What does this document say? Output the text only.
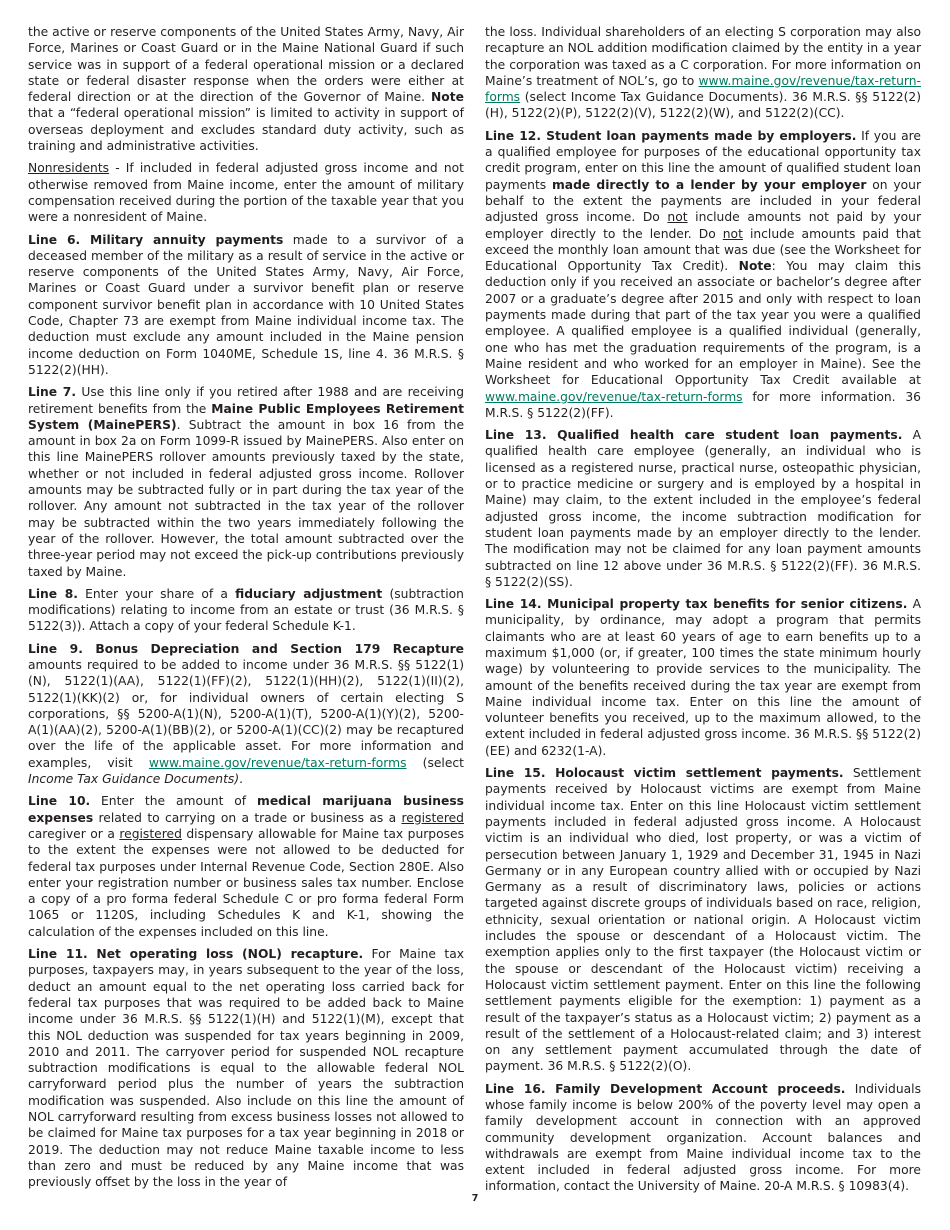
the active or reserve components of the United States Army, Navy, Air Force, Marines or Coast Guard or in the Maine National Guard if such service was in support of a federal operational mission or a declared state or federal disaster response when the orders were either at federal direction or at the direction of the Governor of Maine. Note that a “federal operational mission” is limited to activity in support of overseas deployment and excludes standard duty activity, such as training and administrative activities.

Nonresidents - If included in federal adjusted gross income and not otherwise removed from Maine income, enter the amount of military compensation received during the portion of the taxable year that you were a nonresident of Maine.

Line 6. Military annuity payments made to a survivor of a deceased member of the military as a result of service in the active or reserve components of the United States Army, Navy, Air Force, Marines or Coast Guard under a survivor benefit plan or reserve component survivor benefit plan in accordance with 10 United States Code, Chapter 73 are exempt from Maine individual income tax. The deduction must exclude any amount included in the Maine pension income deduction on Form 1040ME, Schedule 1S, line 4. 36 M.R.S. § 5122(2)(HH).

Line 7. Use this line only if you retired after 1988 and are receiving retirement benefits from the Maine Public Employees Retirement System (MainePERS). Subtract the amount in box 16 from the amount in box 2a on Form 1099-R issued by MainePERS. Also enter on this line MainePERS rollover amounts previously taxed by the state, whether or not included in federal adjusted gross income. Rollover amounts may be subtracted fully or in part during the tax year of the rollover. Any amount not subtracted in the tax year of the rollover may be subtracted within the two years immediately following the year of the rollover. However, the total amount subtracted over the three-year period may not exceed the pick-up contributions previously taxed by Maine.

Line 8. Enter your share of a fiduciary adjustment (subtraction modifications) relating to income from an estate or trust (36 M.R.S. § 5122(3)). Attach a copy of your federal Schedule K-1.

Line 9. Bonus Depreciation and Section 179 Recapture amounts required to be added to income under 36 M.R.S. §§ 5122(1)(N), 5122(1)(AA), 5122(1)(FF)(2), 5122(1)(HH)(2), 5122(1)(II)(2), 5122(1)(KK)(2) or, for individual owners of certain electing S corporations, §§ 5200-A(1)(N), 5200-A(1)(T), 5200-A(1)(Y)(2), 5200-A(1)(AA)(2), 5200-A(1)(BB)(2), or 5200-A(1)(CC)(2) may be recaptured over the life of the applicable asset. For more information and examples, visit www.maine.gov/revenue/tax-return-forms (select Income Tax Guidance Documents).

Line 10. Enter the amount of medical marijuana business expenses related to carrying on a trade or business as a registered caregiver or a registered dispensary allowable for Maine tax purposes to the extent the expenses were not allowed to be deducted for federal tax purposes under Internal Revenue Code, Section 280E. Also enter your registration number or business sales tax number. Enclose a copy of a pro forma federal Schedule C or pro forma federal Form 1065 or 1120S, including Schedules K and K-1, showing the calculation of the expenses included on this line.

Line 11. Net operating loss (NOL) recapture. For Maine tax purposes, taxpayers may, in years subsequent to the year of the loss, deduct an amount equal to the net operating loss carried back for federal tax purposes that was required to be added back to Maine income under 36 M.R.S. §§ 5122(1)(H) and 5122(1)(M), except that this NOL deduction was suspended for tax years beginning in 2009, 2010 and 2011. The carryover period for suspended NOL recapture subtraction modifications is equal to the allowable federal NOL carryforward period plus the number of years the subtraction modification was suspended. Also include on this line the amount of NOL carryforward resulting from excess business losses not allowed to be claimed for Maine tax purposes for a tax year beginning in 2018 or 2019. The deduction may not reduce Maine taxable income to less than zero and must be reduced by any Maine income that was previously offset by the loss in the year of

the loss. Individual shareholders of an electing S corporation may also recapture an NOL addition modification claimed by the entity in a year the corporation was taxed as a C corporation. For more information on Maine’s treatment of NOL’s, go to www.maine.gov/revenue/tax-return-forms (select Income Tax Guidance Documents). 36 M.R.S. §§ 5122(2)(H), 5122(2)(P), 5122(2)(V), 5122(2)(W), and 5122(2)(CC).

Line 12. Student loan payments made by employers. If you are a qualified employee for purposes of the educational opportunity tax credit program, enter on this line the amount of qualified student loan payments made directly to a lender by your employer on your behalf to the extent the payments are included in your federal adjusted gross income. Do not include amounts not paid by your employer directly to the lender. Do not include amounts paid that exceed the monthly loan amount that was due (see the Worksheet for Educational Opportunity Tax Credit). Note: You may claim this deduction only if you received an associate or bachelor’s degree after 2007 or a graduate’s degree after 2015 and only with respect to loan payments made during that part of the tax year you were a qualified employee. A qualified employee is a qualified individual (generally, one who has met the graduation requirements of the program, is a Maine resident and who worked for an employer in Maine). See the Worksheet for Educational Opportunity Tax Credit available at www.maine.gov/revenue/tax-return-forms for more information. 36 M.R.S. § 5122(2)(FF).

Line 13. Qualified health care student loan payments. A qualified health care employee (generally, an individual who is licensed as a registered nurse, practical nurse, osteopathic physician, or to practice medicine or surgery and is employed by a hospital in Maine) may claim, to the extent included in the employee’s federal adjusted gross income, the income subtraction modification for student loan payments made by an employer directly to the lender. The modification may not be claimed for any loan payment amounts subtracted on line 12 above under 36 M.R.S. § 5122(2)(FF). 36 M.R.S. § 5122(2)(SS).

Line 14. Municipal property tax benefits for senior citizens. A municipality, by ordinance, may adopt a program that permits claimants who are at least 60 years of age to earn benefits up to a maximum $1,000 (or, if greater, 100 times the state minimum hourly wage) by volunteering to provide services to the municipality. The amount of the benefits received during the tax year are exempt from Maine individual income tax. Enter on this line the amount of volunteer benefits you received, up to the maximum allowed, to the extent included in federal adjusted gross income. 36 M.R.S. §§ 5122(2)(EE) and 6232(1-A).

Line 15. Holocaust victim settlement payments. Settlement payments received by Holocaust victims are exempt from Maine individual income tax. Enter on this line Holocaust victim settlement payments included in federal adjusted gross income. A Holocaust victim is an individual who died, lost property, or was a victim of persecution between January 1, 1929 and December 31, 1945 in Nazi Germany or in any European country allied with or occupied by Nazi Germany as a result of discriminatory laws, policies or actions targeted against discrete groups of individuals based on race, religion, ethnicity, sexual orientation or national origin. A Holocaust victim includes the spouse or descendant of a Holocaust victim. The exemption applies only to the first taxpayer (the Holocaust victim or the spouse or descendant of the Holocaust victim) receiving a Holocaust victim settlement payment. Enter on this line the following settlement payments eligible for the exemption: 1) payment as a result of the taxpayer’s status as a Holocaust victim; 2) payment as a result of the settlement of a Holocaust-related claim; and 3) interest on any settlement payment accumulated through the date of payment. 36 M.R.S. § 5122(2)(O).

Line 16. Family Development Account proceeds. Individuals whose family income is below 200% of the poverty level may open a family development account in connection with an approved community development organization. Account balances and withdrawals are exempt from Maine individual income tax to the extent included in federal adjusted gross income. For more information, contact the University of Maine. 20-A M.R.S. § 10983(4).

7
